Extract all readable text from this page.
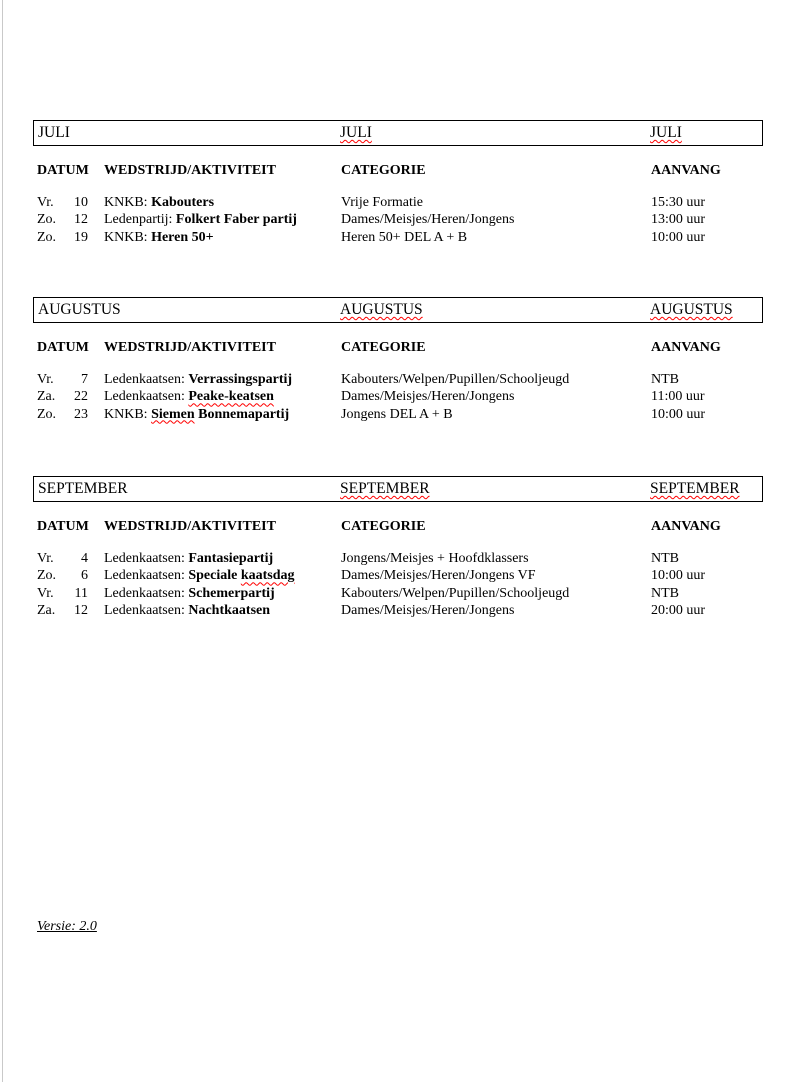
JULI	JULI	JULI
DATUM WEDSTRIJD/AKTIVITEIT	CATEGORIE	AANVANG
Vr.	10 KNKB: Kabouters	Vrije Formatie	15:30 uur
Zo.	12 Ledenpartij: Folkert Faber partij	Dames/Meisjes/Heren/Jongens	13:00 uur
Zo.	19 KNKB: Heren 50+	Heren 50+ DEL A + B	10:00 uur
AUGUSTUS	AUGUSTUS	AUGUSTUS
DATUM WEDSTRIJD/AKTIVITEIT	CATEGORIE	AANVANG
Vr.	7 Ledenkaatsen: Verrassingspartij	Kabouters/Welpen/Pupillen/Schooljeugd	NTB
Za.	22 Ledenkaatsen: Peake-keatsen	Dames/Meisjes/Heren/Jongens	11:00 uur
Zo.	23 KNKB: Siemen Bonnemapartij	Jongens DEL A + B	10:00 uur
SEPTEMBER	SEPTEMBER	SEPTEMBER
DATUM WEDSTRIJD/AKTIVITEIT	CATEGORIE	AANVANG
Vr.	4 Ledenkaatsen: Fantasiepartij	Jongens/Meisjes + Hoofdklassers	NTB
Zo.	6 Ledenkaatsen: Speciale kaatsdag	Dames/Meisjes/Heren/Jongens VF	10:00 uur
Vr.	11 Ledenkaatsen: Schemerpartij	Kabouters/Welpen/Pupillen/Schooljeugd	NTB
Za.	12 Ledenkaatsen: Nachtkaatsen	Dames/Meisjes/Heren/Jongens	20:00 uur
Versie: 2.0
